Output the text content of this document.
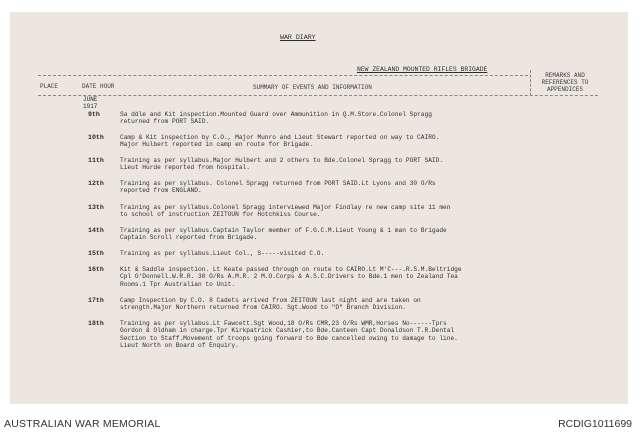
WAR DIARY
NEW ZEALAND MOUNTED RIFLES BRIGADE
PLACE	DATE HOUR	SUMMARY OF EVENTS AND INFORMATION
REMARKS AND REFERENCES TO APPENDICES
JUNE
1917
9th	Sa ddle and Kit inspection.Mounted Guard over Ammunition in Q.M.Store.Colonel Spragg
returned from PORT SAID.
10th	Camp & Kit inspection by C.O., Major Munro and Lieut Stewart reported on way to CAIRO.
Major Hulbert reported in camp en route for Brigade.
11th	Training as per syllabus.Major Hulbert and 2 others to Bde.Colonel Spragg to PORT SAID.
Lieut Hurde reported from hospital.
12th	Training as per syllabus. Colonel Spragg returned from PORT SAID.Lt Lyons and 30 O/Rs
reported from ENGLAND.
13th	Training as per syllabus.Colonel Spragg interviewed Major Findlay re new camp site 11 men
to school of instruction ZEITOUN for Hotchkiss Course.
14th	Training as per syllabus.Captain Taylor member of F.G.C.M.Lieut Young & 1 man to Brigade
Captain Scroll reported from Brigade.
15th	Training as per syllabus.Lieut Col., S-----visited C.O.
16th	Kit & Saddle inspection. Lt Keate passed through on route to CAIRO.Lt M'C---.R.S.M.Beltridge
Cpl O'Donnell.W.R.R. 30 O/Rs A.M.R. 2 M.O.Corps & A.S.C.Drivers to Bde.1 men to Zealand Tea
Rooms.1 Tpr Australian to Unit.
17th	Camp Inspection by C.O. 8 Cadets arrived from ZEITOUN last night and are taken on
strength.Major Northern returned from CAIRO. Sgt.Wood to "D" Branch Division.
18th	Training as per syllabus.Lt Fawcett.Sgt Wood,18 O/Rs CMR,23 O/Rs WMR,Horses No------Tprs
Gordon & Oldham in charge.Tpr Kirkpatrick Cashier,to Bde.Canteen Capt Donaldson T.R.Dental
Section to Staff.Movement of troops going forward to Bde cancelled owing to damage to line.
Lieut North on Board of Enquiry.
AUSTRALIAN WAR MEMORIAL	RCDIG1011699
